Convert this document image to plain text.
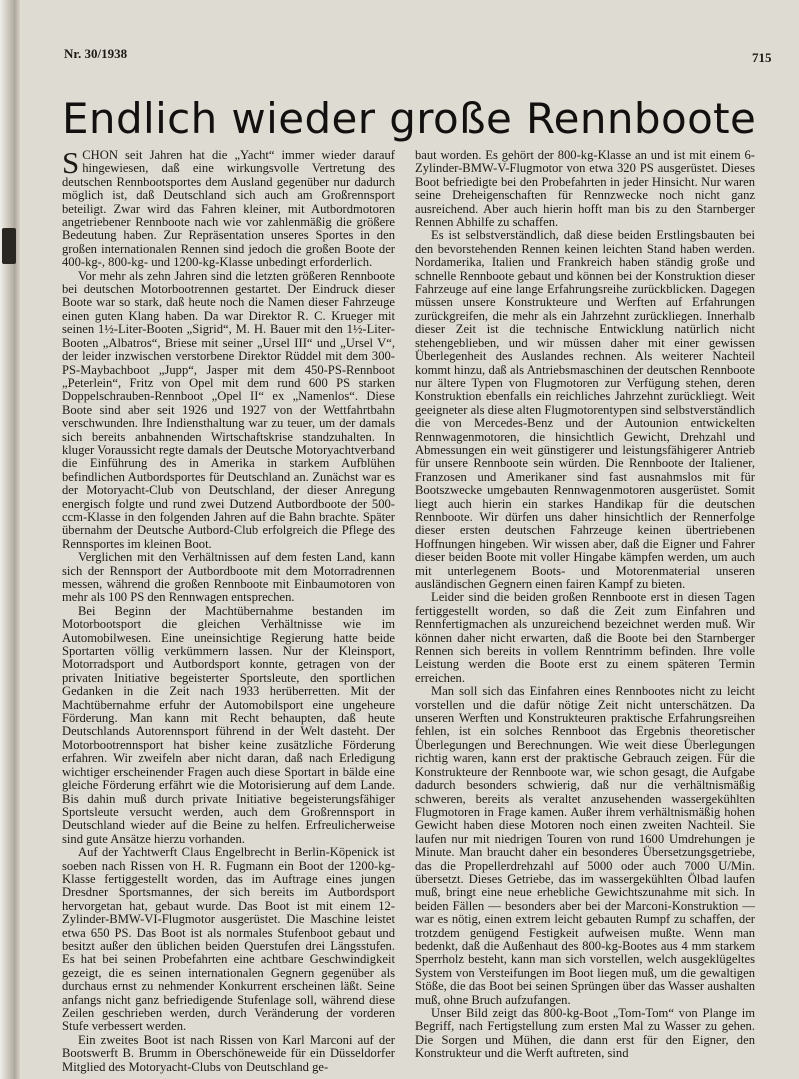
Nr. 30/1938	715
Endlich wieder große Rennboote

SCHON seit Jahren hat die „Yacht“ immer wieder darauf hingewiesen, daß eine wirkungsvolle Vertretung des deutschen Rennbootsportes dem Ausland gegenüber nur dadurch möglich ist, daß Deutschland sich auch am Großrennsport beteiligt. Zwar wird das Fahren kleiner, mit Autbordmotoren angetriebener Rennboote nach wie vor zahlenmäßig die größere Bedeutung haben. Zur Repräsentation unseres Sportes in den großen internationalen Rennen sind jedoch die großen Boote der 400-kg-, 800-kg- und 1200-kg-Klasse unbedingt erforderlich.

Vor mehr als zehn Jahren sind die letzten größeren Rennboote bei deutschen Motorbootrennen gestartet. Der Eindruck dieser Boote war so stark, daß heute noch die Namen dieser Fahrzeuge einen guten Klang haben. Da war Direktor R. C. Krueger mit seinen 1½-Liter-Booten „Sigrid“, M. H. Bauer mit den 1½-Liter-Booten „Albatros“, Briese mit seiner „Ursel III“ und „Ursel V“, der leider inzwischen verstorbene Direktor Rüddel mit dem 300-PS-Maybachboot „Jupp“, Jasper mit dem 450-PS-Rennboot „Peterlein“, Fritz von Opel mit dem rund 600 PS starken Doppelschrauben-Rennboot „Opel II“ ex „Namenlos“. Diese Boote sind aber seit 1926 und 1927 von der Wettfahrtbahn verschwunden. Ihre Indiensthaltung war zu teuer, um der damals sich bereits anbahnenden Wirtschaftskrise standzuhalten. In kluger Voraussicht regte damals der Deutsche Motoryachtverband die Einführung des in Amerika in starkem Aufblühen befindlichen Autbordsportes für Deutschland an. Zunächst war es der Motoryacht-Club von Deutschland, der dieser Anregung energisch folgte und rund zwei Dutzend Autbordboote der 500-ccm-Klasse in den folgenden Jahren auf die Bahn brachte. Später übernahm der Deutsche Autbord-Club erfolgreich die Pflege des Rennsportes im kleinen Boot.

Verglichen mit den Verhältnissen auf dem festen Land, kann sich der Rennsport der Autbordboote mit dem Motorradrennen messen, während die großen Rennboote mit Einbaumotoren von mehr als 100 PS den Rennwagen entsprechen.

Bei Beginn der Machtübernahme bestanden im Motorbootsport die gleichen Verhältnisse wie im Automobilwesen. Eine uneinsichtige Regierung hatte beide Sportarten völlig verkümmern lassen. Nur der Kleinsport, Motorradsport und Autbordsport konnte, getragen von der privaten Initiative begeisterter Sportsleute, den sportlichen Gedanken in die Zeit nach 1933 herüberretten. Mit der Machtübernahme erfuhr der Automobilsport eine ungeheure Förderung. Man kann mit Recht behaupten, daß heute Deutschlands Autorennsport führend in der Welt dasteht. Der Motorbootrennsport hat bisher keine zusätzliche Förderung erfahren. Wir zweifeln aber nicht daran, daß nach Erledigung wichtiger erscheinender Fragen auch diese Sportart in bälde eine gleiche Förderung erfährt wie die Motorisierung auf dem Lande. Bis dahin muß durch private Initiative begeisterungsfähiger Sportsleute versucht werden, auch dem Großrennsport in Deutschland wieder auf die Beine zu helfen. Erfreulicherweise sind gute Ansätze hierzu vorhanden.

Auf der Yachtwerft Claus Engelbrecht in Berlin-Köpenick ist soeben nach Rissen von H. R. Fugmann ein Boot der 1200-kg-Klasse fertiggestellt worden, das im Auftrage eines jungen Dresdner Sportsmannes, der sich bereits im Autbordsport hervorgetan hat, gebaut wurde. Das Boot ist mit einem 12-Zylinder-BMW-VI-Flugmotor ausgerüstet. Die Maschine leistet etwa 650 PS. Das Boot ist als normales Stufenboot gebaut und besitzt außer den üblichen beiden Querstufen drei Längsstufen. Es hat bei seinen Probefahrten eine achtbare Geschwindigkeit gezeigt, die es seinen internationalen Gegnern gegenüber als durchaus ernst zu nehmender Konkurrent erscheinen läßt. Seine anfangs nicht ganz befriedigende Stufenlage soll, während diese Zeilen geschrieben werden, durch Veränderung der vorderen Stufe verbessert werden.

Ein zweites Boot ist nach Rissen von Karl Marconi auf der Bootswerft B. Brumm in Oberschöneweide für ein Düsseldorfer Mitglied des Motoryacht-Clubs von Deutschland ge-

baut worden. Es gehört der 800-kg-Klasse an und ist mit einem 6-Zylinder-BMW-V-Flugmotor von etwa 320 PS ausgerüstet. Dieses Boot befriedigte bei den Probefahrten in jeder Hinsicht. Nur waren seine Dreheigenschaften für Rennzwecke noch nicht ganz ausreichend. Aber auch hierin hofft man bis zu den Starnberger Rennen Abhilfe zu schaffen.

Es ist selbstverständlich, daß diese beiden Erstlingsbauten bei den bevorstehenden Rennen keinen leichten Stand haben werden. Nordamerika, Italien und Frankreich haben ständig große und schnelle Rennboote gebaut und können bei der Konstruktion dieser Fahrzeuge auf eine lange Erfahrungsreihe zurückblicken. Dagegen müssen unsere Konstrukteure und Werften auf Erfahrungen zurückgreifen, die mehr als ein Jahrzehnt zurückliegen. Innerhalb dieser Zeit ist die technische Entwicklung natürlich nicht stehengeblieben, und wir müssen daher mit einer gewissen Überlegenheit des Auslandes rechnen. Als weiterer Nachteil kommt hinzu, daß als Antriebsmaschinen der deutschen Rennboote nur ältere Typen von Flugmotoren zur Verfügung stehen, deren Konstruktion ebenfalls ein reichliches Jahrzehnt zurückliegt. Weit geeigneter als diese alten Flugmotorentypen sind selbstverständlich die von Mercedes-Benz und der Autounion entwickelten Rennwagenmotoren, die hinsichtlich Gewicht, Drehzahl und Abmessungen ein weit günstigerer und leistungsfähigerer Antrieb für unsere Rennboote sein würden. Die Rennboote der Italiener, Franzosen und Amerikaner sind fast ausnahmslos mit für Bootszwecke umgebauten Rennwagenmotoren ausgerüstet. Somit liegt auch hierin ein starkes Handikap für die deutschen Rennboote. Wir dürfen uns daher hinsichtlich der Rennerfolge dieser ersten deutschen Fahrzeuge keinen übertriebenen Hoffnungen hingeben. Wir wissen aber, daß die Eigner und Fahrer dieser beiden Boote mit voller Hingabe kämpfen werden, um auch mit unterlegenem Boots- und Motorenmaterial unseren ausländischen Gegnern einen fairen Kampf zu bieten.

Leider sind die beiden großen Rennboote erst in diesen Tagen fertiggestellt worden, so daß die Zeit zum Einfahren und Rennfertigmachen als unzureichend bezeichnet werden muß. Wir können daher nicht erwarten, daß die Boote bei den Starnberger Rennen sich bereits in vollem Renntrimm befinden. Ihre volle Leistung werden die Boote erst zu einem späteren Termin erreichen.

Man soll sich das Einfahren eines Rennbootes nicht zu leicht vorstellen und die dafür nötige Zeit nicht unterschätzen. Da unseren Werften und Konstrukteuren praktische Erfahrungsreihen fehlen, ist ein solches Rennboot das Ergebnis theoretischer Überlegungen und Berechnungen. Wie weit diese Überlegungen richtig waren, kann erst der praktische Gebrauch zeigen. Für die Konstrukteure der Rennboote war, wie schon gesagt, die Aufgabe dadurch besonders schwierig, daß nur die verhältnismäßig schweren, bereits als veraltet anzusehenden wassergekühlten Flugmotoren in Frage kamen. Außer ihrem verhältnismäßig hohen Gewicht haben diese Motoren noch einen zweiten Nachteil. Sie laufen nur mit niedrigen Touren von rund 1600 Umdrehungen je Minute. Man braucht daher ein besonderes Übersetzungsgetriebe, das die Propellerdrehzahl auf 5000 oder auch 7000 U/Min. übersetzt. Dieses Getriebe, das im wassergekühlten Ölbad laufen muß, bringt eine neue erhebliche Gewichtszunahme mit sich. In beiden Fällen — besonders aber bei der Marconi-Konstruktion — war es nötig, einen extrem leicht gebauten Rumpf zu schaffen, der trotzdem genügend Festigkeit aufweisen mußte. Wenn man bedenkt, daß die Außenhaut des 800-kg-Bootes aus 4 mm starkem Sperrholz besteht, kann man sich vorstellen, welch ausgeklügeltes System von Versteifungen im Boot liegen muß, um die gewaltigen Stöße, die das Boot bei seinen Sprüngen über das Wasser aushalten muß, ohne Bruch aufzufangen.

Unser Bild zeigt das 800-kg-Boot „Tom-Tom“ von Plange im Begriff, nach Fertigstellung zum ersten Mal zu Wasser zu gehen. Die Sorgen und Mühen, die dann erst für den Eigner, den Konstrukteur und die Werft auftreten, sind
